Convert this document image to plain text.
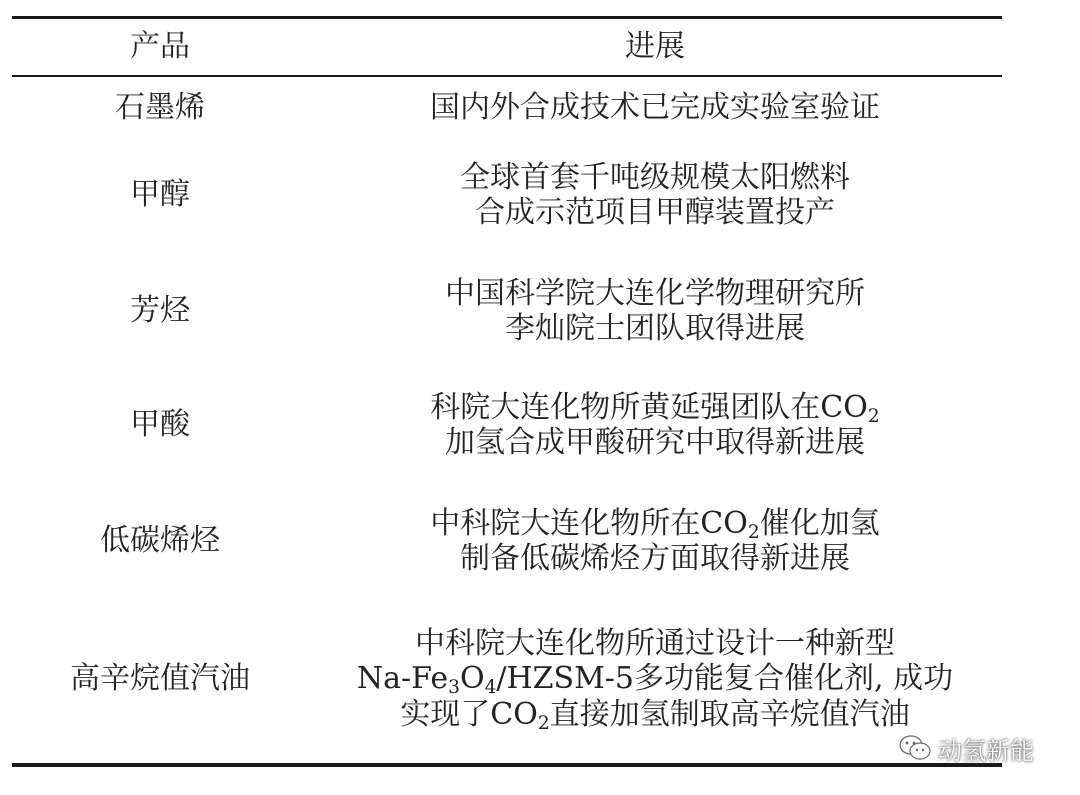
产品	进展
石墨烯	国内外合成技术已完成实验室验证
甲醇
全球首套千吨级规模太阳燃料
合成示范项目甲醇装置投产
芳烃
中国科学院大连化学物理研究所
李灿院士团队取得进展
甲酸
科院大连化物所黄延强团队在$CO_2$
加氢合成甲酸研究中取得新进展
低碳烯烃
中科院大连化物所在$CO_2$催化加氢
制备低碳烯烃方面取得新进展
高辛烷值汽油
中科院大连化物所通过设计一种新型
$Na-Fe_3O_4/HZSM-5$多功能复合催化剂, 成功
实现了$CO_2$直接加氢制取高辛烷值汽油
动氢新能
